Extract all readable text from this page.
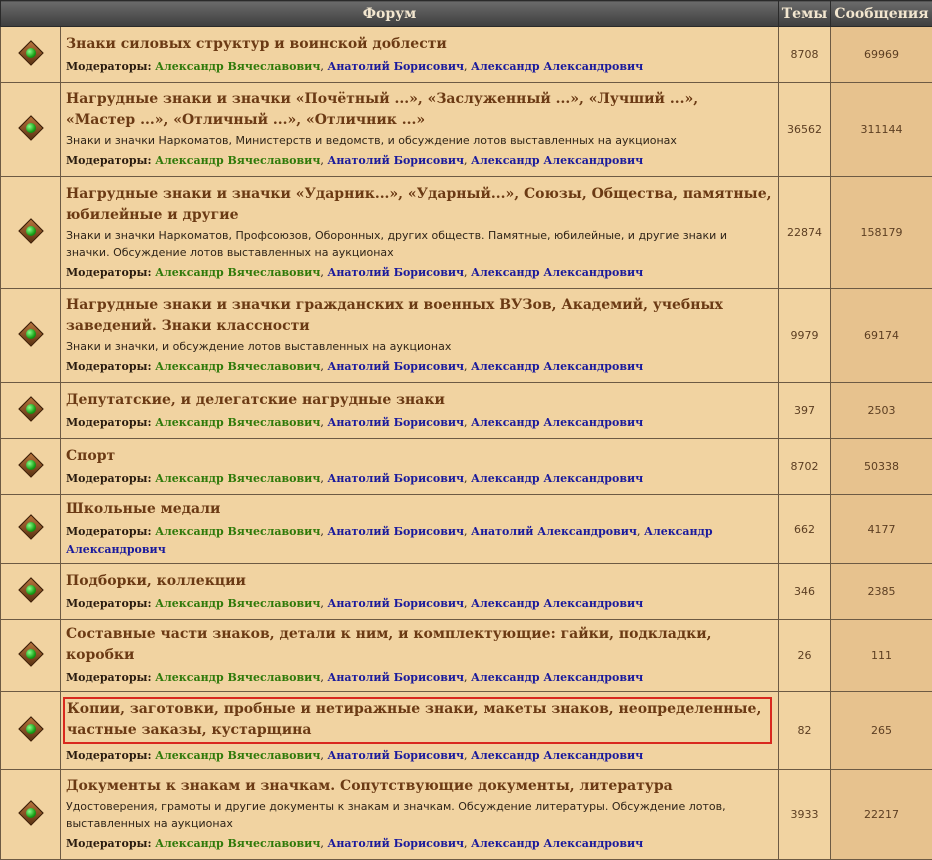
Форум		Темы	Сообщения

	Знаки силовых структур и воинской доблести
Модераторы: Александр Вячеславович, Анатолий Борисович, Александр Александрович	8708	69969

	Нагрудные знаки и значки «Почётный ...», «Заслуженный ...», «Лучший ...», «Мастер ...», «Отличный ...», «Отличник ...»
Знаки и значки Наркоматов, Министерств и ведомств, и обсуждение лотов выставленных на аукционах
Модераторы: Александр Вячеславович, Анатолий Борисович, Александр Александрович	36562	311144

	Нагрудные знаки и значки «Ударник...», «Ударный...», Союзы, Общества, памятные, юбилейные и другие
Знаки и значки Наркоматов, Профсоюзов, Оборонных, других обществ. Памятные, юбилейные, и другие знаки и значки. Обсуждение лотов выставленных на аукционах
Модераторы: Александр Вячеславович, Анатолий Борисович, Александр Александрович	22874	158179

	Нагрудные знаки и значки гражданских и военных ВУЗов, Академий, учебных заведений. Знаки классности
Знаки и значки, и обсуждение лотов выставленных на аукционах
Модераторы: Александр Вячеславович, Анатолий Борисович, Александр Александрович	9979	69174

	Депутатские, и делегатские нагрудные знаки
Модераторы: Александр Вячеславович, Анатолий Борисович, Александр Александрович	397	2503

	Спорт
Модераторы: Александр Вячеславович, Анатолий Борисович, Александр Александрович	8702	50338

	Школьные медали
Модераторы: Александр Вячеславович, Анатолий Борисович, Анатолий Александрович, Александр Александрович	662	4177

	Подборки, коллекции
Модераторы: Александр Вячеславович, Анатолий Борисович, Александр Александрович	346	2385

	Составные части знаков, детали к ним, и комплектующие: гайки, подкладки, коробки
Модераторы: Александр Вячеславович, Анатолий Борисович, Александр Александрович	26	111

	Копии, заготовки, пробные и нетиражные знаки, макеты знаков, неопределенные, частные заказы, кустарщина
Модераторы: Александр Вячеславович, Анатолий Борисович, Александр Александрович	82	265

	Документы к знакам и значкам. Сопутствующие документы, литература
Удостоверения, грамоты и другие документы к знакам и значкам. Обсуждение литературы. Обсуждение лотов, выставленных на аукционах
Модераторы: Александр Вячеславович, Анатолий Борисович, Александр Александрович	3933	22217
